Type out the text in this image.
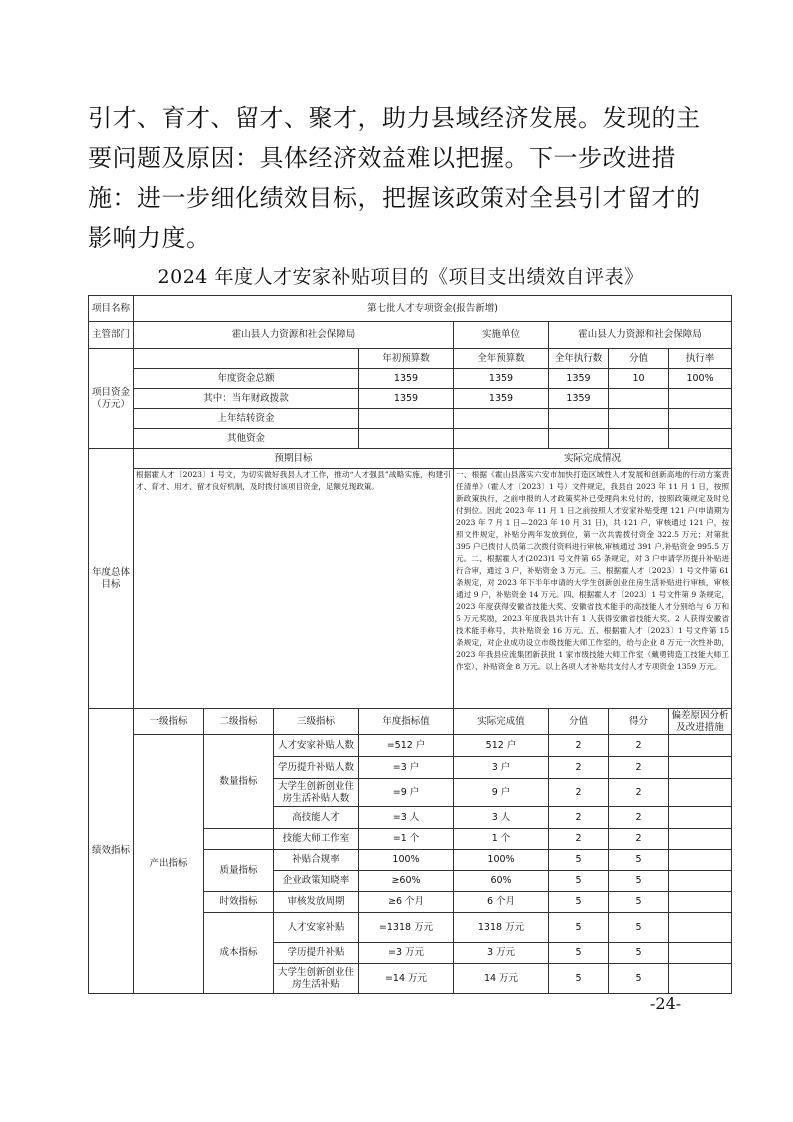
引才、育才、留才、聚才，助力县域经济发展。发现的主要问题及原因：具体经济效益难以把握。下一步改进措施：进一步细化绩效目标，把握该政策对全县引才留才的影响力度。

2024 年度人才安家补贴项目的《项目支出绩效自评表》

项目名称	第七批人才专项资金(报告新增)							
主管部门	霍山县人力资源和社会保障局				实施单位	霍山县人力资源和社会保障局		
项目资金（万元）				年初预算数	全年预算数	全年执行数	分值	执行率
	年度资金总额			1359	1359	1359	10	100%
	其中：当年财政拨款			1359	1359	1359		
	上年结转资金							
	其他资金							
年度总体目标	预期目标				实际完成情况			
	根据霍人才〔2023〕1 号文，为切实做好我县人才工作，推动“人才强县”战略实施，构建引才、育才、用才、留才良好机制，及时拨付该项目资金，足额兑现政策。				一、根据《霍山县落实六安市加快打造区域性人才发展和创新高地的行动方案责任清单》（霍人才〔2023〕1 号）文件规定，我县自 2023 年 11 月 1 日，按照新政策执行，之前申报的人才政策奖补已受理尚未兑付的，按照政策规定及时兑付到位。因此 2023 年 11 月 1 日之前按照人才安家补贴受理 121 户(申请期为 2023 年 7 月 1 日—2023 年 10 月 31 日)，共 121 户，审核通过 121 户，按照文件规定，补贴分两年发放到位，第一次共需拨付资金 322.5 万元；对第批 395 户已拨付人员第二次拨付资料进行审核,审核通过 391 户,补贴资金 995.5 万元。二、根据霍人才(2023)1 号文件第 65 条规定，对 3 户申请学历提升补贴进行合审，通过 3 户，补贴资金 3 万元。三、根据霍人才〔2023〕1 号文件第 61 条规定，对 2023 年下半年申请的大学生创新创业住房生活补贴进行审核，审核通过 9 户，补贴资金 14 万元。四、根据霍人才〔2023〕1 号文件第 9 条规定，2023 年度获得安徽省技能大奖、安徽省技术能手的高技能人才分别给与 6 万和 5 万元奖励，2023 年度我县共计有 1 人获得安徽省技能大奖、2 人获得安徽省技术能手称号，共补贴资金 16 万元。五、根据霍人才〔2023〕1 号文件第 15 条规定，对企业成功设立市级技能大师工作室的，给与企业 8 万元一次性补助，2023 年我县应流集团新获批 1 家市级技能大师工作室（戴勇铸造工技能大师工作室），补贴资金 8 万元。以上各项人才补贴共支付人才专项资金 1359 万元。			
绩效指标	一级指标	二级指标	三级指标	年度指标值	实际完成值	分值	得分	偏差原因分析及改进措施
	产出指标	数量指标	人才安家补贴人数	=512 户	512 户	2	2	
			学历提升补贴人数	=3 户	3 户	2	2	
			大学生创新创业住房生活补贴人数	=9 户	9 户	2	2	
			高技能人才	=3 人	3 人	2	2	
			技能大师工作室	=1 个	1 个	2	2	
		质量指标	补贴合规率	100%	100%	5	5	
			企业政策知晓率	≥60%	60%	5	5	
		时效指标	审核发放周期	≥6 个月	6 个月	5	5	
		成本指标	人才安家补贴	=1318 万元	1318 万元	5	5	
			学历提升补贴	=3 万元	3 万元	5	5	
			大学生创新创业住房生活补贴	=14 万元	14 万元	5	5	
-24-
